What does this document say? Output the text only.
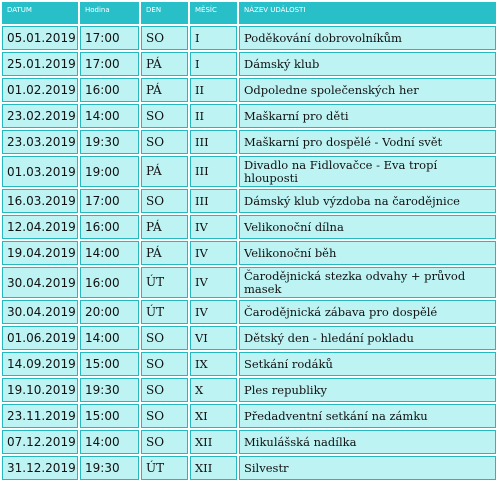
DATUM	Hodina	DEN	MĚSÍC	NÁZEV UDÁLOSTI
05.01.2019	17:00	SO	I	Poděkování dobrovolníkům
25.01.2019	17:00	PÁ	I	Dámský klub
01.02.2019	16:00	PÁ	II	Odpoledne společenských her
23.02.2019	14:00	SO	II	Maškarní pro děti
23.03.2019	19:30	SO	III	Maškarní pro dospělé - Vodní svět
01.03.2019	19:00	PÁ	III	Divadlo na Fidlovačce - Eva tropí hlouposti
16.03.2019	17:00	SO	III	Dámský klub výzdoba na čarodějnice
12.04.2019	16:00	PÁ	IV	Velikonoční dílna
19.04.2019	14:00	PÁ	IV	Velikonoční běh
30.04.2019	16:00	ÚT	IV	Čarodějnická stezka odvahy + průvod masek
30.04.2019	20:00	ÚT	IV	Čarodějnická zábava pro dospělé
01.06.2019	14:00	SO	VI	Dětský den - hledání pokladu
14.09.2019	15:00	SO	IX	Setkání rodáků
19.10.2019	19:30	SO	X	Ples republiky
23.11.2019	15:00	SO	XI	Předadventní setkání na zámku
07.12.2019	14:00	SO	XII	Mikulášská nadílka
31.12.2019	19:30	ÚT	XII	Silvestr
